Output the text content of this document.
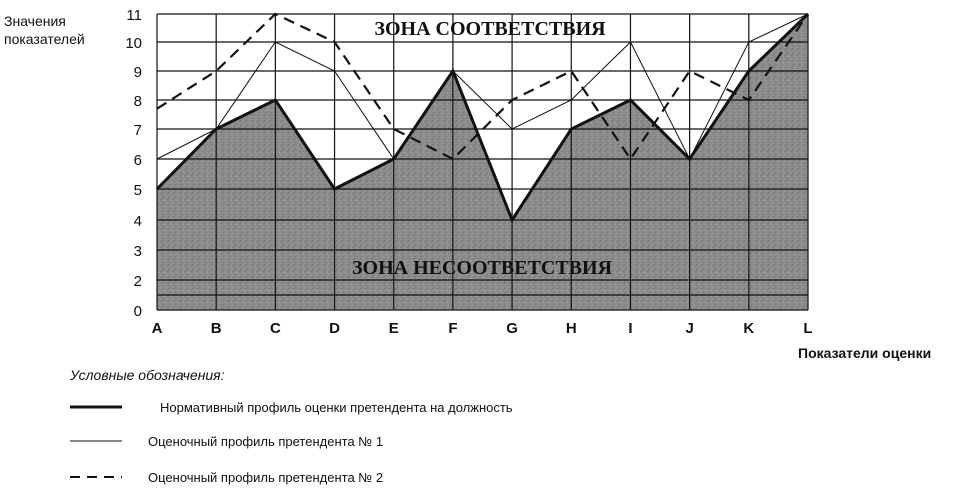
ЗОНА СООТВЕТСТВИЯ
ЗОНА НЕСООТВЕТСТВИЯ
0
2
3
4
5
6
7
8
9
10
11
A	B	C	D	E	F	G	H	I	J	K	L
Значения показателей
Показатели оценки
Условные обозначения:
Нормативный профиль оценки претендента на должность
Оценочный профиль претендента № 1
Оценочный профиль претендента № 2
